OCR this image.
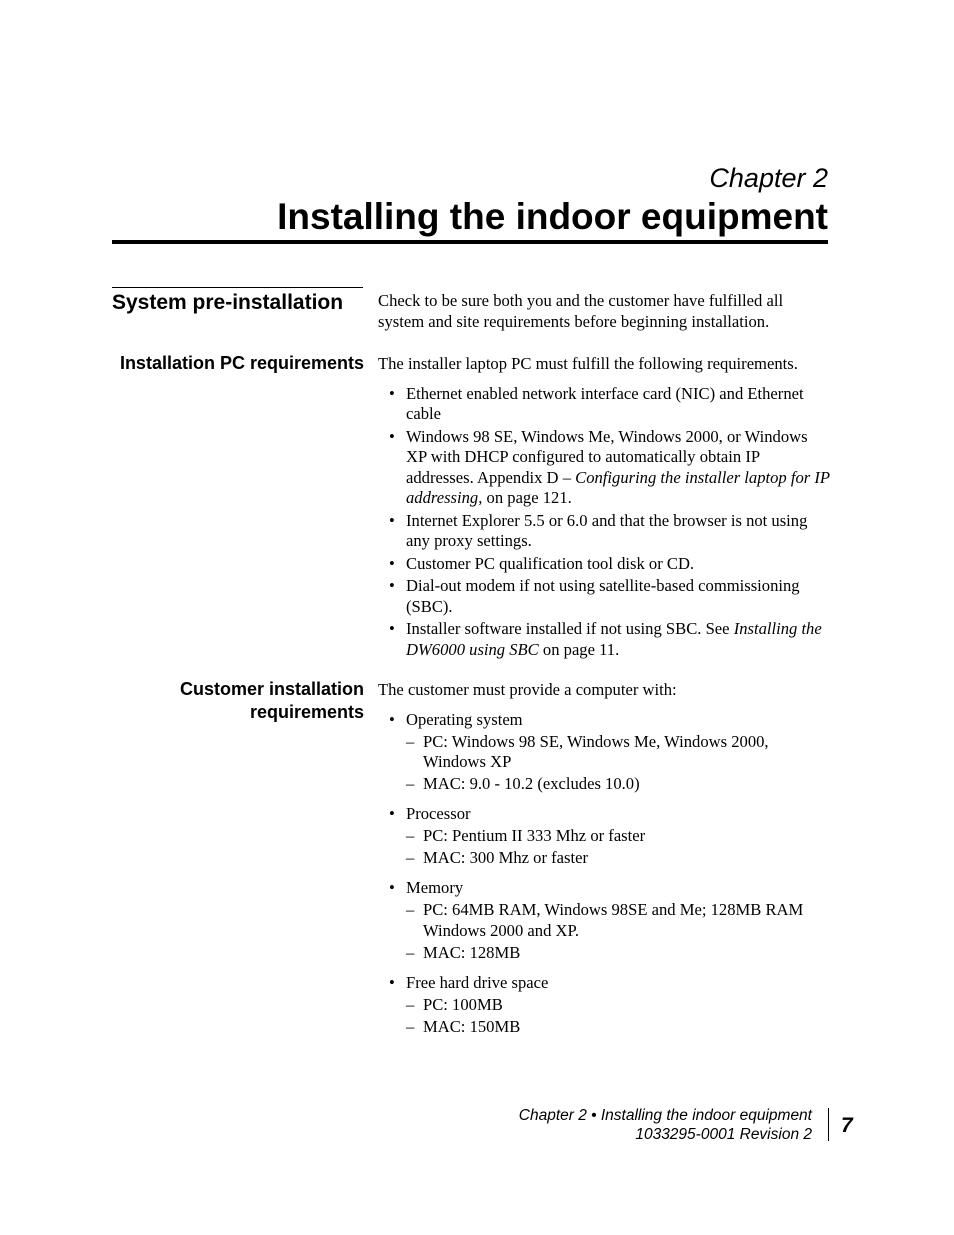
Chapter 2
Installing the indoor equipment
System pre-installation	Check to be sure both you and the customer have fulfilled all system and site requirements before beginning installation.

Installation PC requirements The installer laptop PC must fulfill the following requirements.

• Ethernet enabled network interface card (NIC) and Ethernet cable
• Windows 98 SE, Windows Me, Windows 2000, or Windows XP with DHCP configured to automatically obtain IP addresses. Appendix D – Configuring the installer laptop for IP addressing, on page 121.
• Internet Explorer 5.5 or 6.0 and that the browser is not using any proxy settings.
• Customer PC qualification tool disk or CD.
• Dial-out modem if not using satellite-based commissioning (SBC).
• Installer software installed if not using SBC. See Installing the DW6000 using SBC on page 11.
Customer installation
requirements

The customer must provide a computer with:

• Operating system
– PC: Windows 98 SE, Windows Me, Windows 2000, Windows XP
– MAC: 9.0 - 10.2 (excludes 10.0)
• Processor
– PC: Pentium II 333 Mhz or faster
– MAC: 300 Mhz or faster
• Memory
– PC: 64MB RAM, Windows 98SE and Me; 128MB RAM Windows 2000 and XP.
– MAC: 128MB
• Free hard drive space
– PC: 100MB
– MAC: 150MB
Chapter 2 • Installing the indoor equipment
1033295-0001 Revision 2 7
